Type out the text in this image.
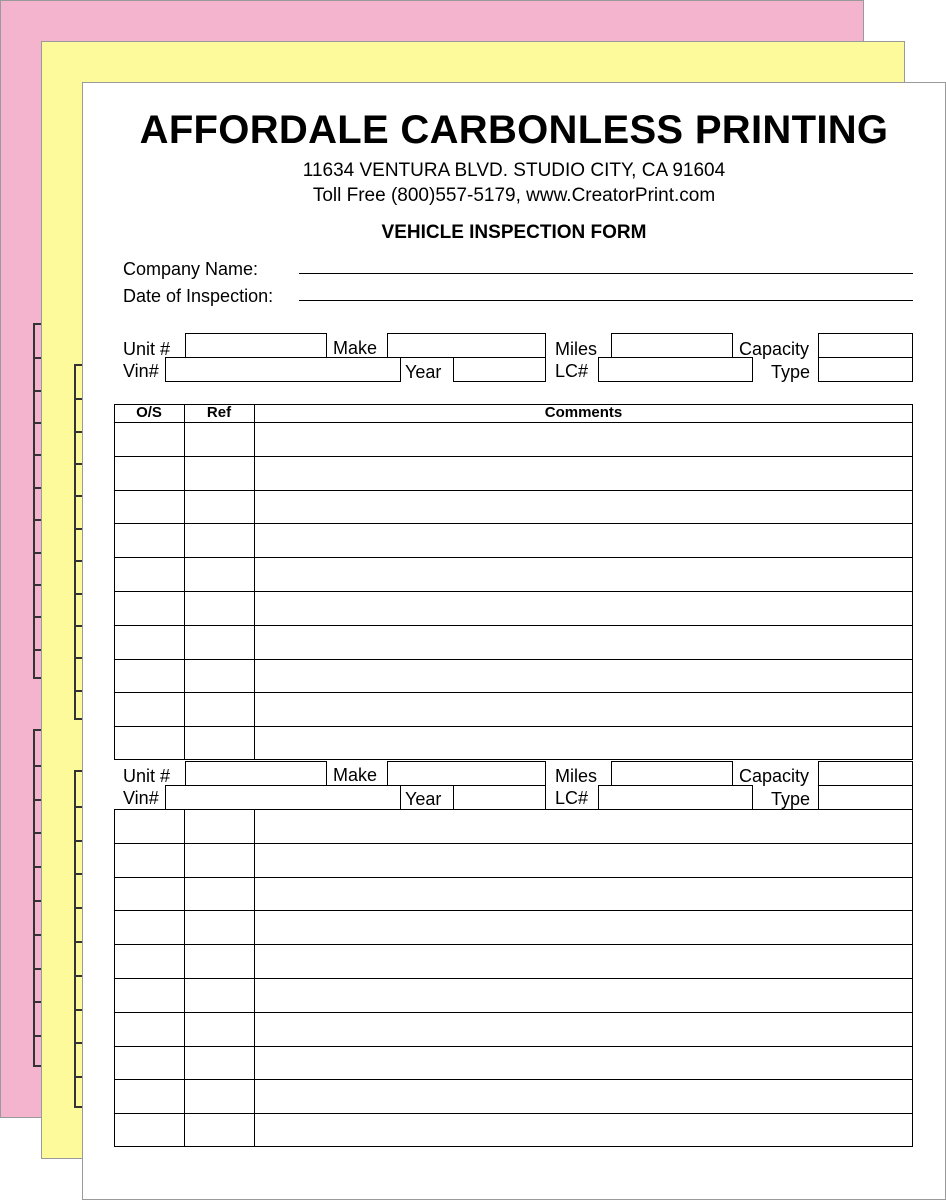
AFFORDALE CARBONLESS PRINTING
11634 VENTURA BLVD. STUDIO CITY, CA 91604
Toll Free (800)557-5179, www.CreatorPrint.com
VEHICLE INSPECTION FORM
Company Name:
Date of Inspection:
Unit #	Make	Miles	Capacity
Vin#	Year	LC#	Type
O/S	Ref	Comments
Unit #	Make	Miles	Capacity
Vin#	Year	LC#	Type
